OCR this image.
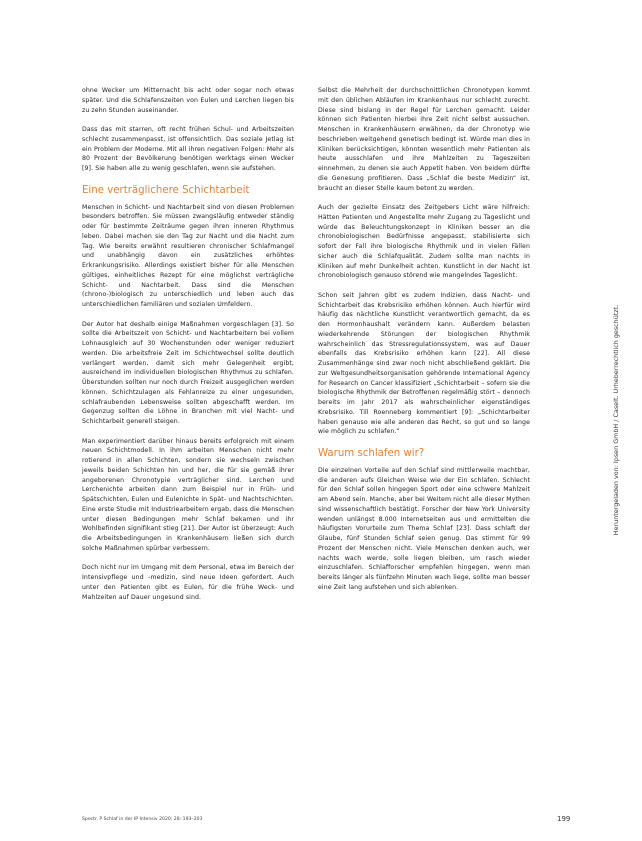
ohne Wecker um Mitternacht bis acht oder sogar noch etwas später. Und die Schlafenszeiten von Eulen und Lerchen liegen bis zu zehn Stunden auseinander.

Dass das mit starren, oft recht frühen Schul- und Arbeitszeiten schlecht zusammenpasst, ist offensichtlich. Das soziale Jetlag ist ein Problem der Moderne. Mit all ihren negativen Folgen: Mehr als 80 Prozent der Bevölkerung benötigen werktags einen Wecker [9]. Sie haben alle zu wenig geschlafen, wenn sie aufstehen.

Eine verträglichere Schichtarbeit

Menschen in Schicht- und Nachtarbeit sind von diesen Problemen besonders betroffen. Sie müssen zwangsläufig entweder ständig oder für bestimmte Zeiträume gegen ihren inneren Rhythmus leben. Dabei machen sie den Tag zur Nacht und die Nacht zum Tag. Wie bereits erwähnt resultieren chronischer Schlafmangel und unabhängig davon ein zusätzliches erhöhtes Erkrankungsrisiko. Allerdings existiert bisher für alle Menschen gültiges, einheitliches Rezept für eine möglichst verträgliche Schicht- und Nachtarbeit. Dass sind die Menschen (chrono-)biologisch zu unterschiedlich und leben auch das unterschiedlichen familiären und sozialen Umfeldern.

Der Autor hat deshalb einige Maßnahmen vorgeschlagen [3]. So sollte die Arbeitszeit von Schicht- und Nachtarbeitern bei vollem Lohnausgleich auf 30 Wochenstunden oder weniger reduziert werden. Die arbeitsfreie Zeit im Schichtwechsel sollte deutlich verlängert werden, damit sich mehr Gelegenheit ergibt, ausreichend im individuellen biologischen Rhythmus zu schlafen. Überstunden sollten nur noch durch Freizeit ausgeglichen werden können. Schichtzulagen als Fehlanreize zu einer ungesunden, schlafraubenden Lebensweise sollten abgeschafft werden. Im Gegenzug sollten die Löhne in Branchen mit viel Nacht- und Schichtarbeit generell steigen.

Man experimentiert darüber hinaus bereits erfolgreich mit einem neuen Schichtmodell. In ihm arbeiten Menschen nicht mehr rotierend in allen Schichten, sondern sie wechseln zwischen jeweils beiden Schichten hin und her, die für sie gemäß ihrer angeborenen Chronotypie verträglicher sind. Lerchen und Lerchenichte arbeiten dann zum Beispiel nur in Früh- und Spätschichten, Eulen und Eulenichte in Spät- und Nachtschichten. Eine erste Studie mit Industriearbeitern ergab, dass die Menschen unter diesen Bedingungen mehr Schlaf bekamen und ihr Wohlbefinden signifikant stieg [21]. Der Autor ist überzeugt: Auch die Arbeitsbedingungen in Krankenhäusern ließen sich durch solche Maßnahmen spürbar verbessern.

Doch nicht nur im Umgang mit dem Personal, etwa im Bereich der Intensivpflege und -medizin, sind neue Ideen gefordert. Auch unter den Patienten gibt es Eulen, für die frühe Weck- und Mahlzeiten auf Dauer ungesund sind.

Selbst die Mehrheit der durchschnittlichen Chronotypen kommt mit den üblichen Abläufen im Krankenhaus nur schlecht zurecht. Diese sind bislang in der Regel für Lerchen gemacht. Leider können sich Patienten hierbei ihre Zeit nicht selbst aussuchen. Menschen in Krankenhäusern erwähnen, da der Chronotyp wie beschrieben weitgehend genetisch bedingt ist. Würde man dies in Kliniken berücksichtigen, könnten wesentlich mehr Patienten als heute ausschlafen und ihre Mahlzeiten zu Tageszeiten einnehmen, zu denen sie auch Appetit haben. Von beidem dürfte die Genesung profitieren. Dass „Schlaf die beste Medizin“ ist, braucht an dieser Stelle kaum betont zu werden.

Auch der gezielte Einsatz des Zeitgebers Licht wäre hilfreich: Hätten Patienten und Angestellte mehr Zugang zu Tageslicht und würde das Beleuchtungskonzept in Kliniken besser an die chronobiologischen Bedürfnisse angepasst, stabilisierte sich sofort der Fall ihre biologische Rhythmik und in vielen Fällen sicher auch die Schlafqualität. Zudem sollte man nachts in Kliniken auf mehr Dunkelheit achten. Kunstlicht in der Nacht ist chronobiologisch genauso störend wie mangelndes Tageslicht.

Schon seit Jahren gibt es zudem Indizien, dass Nacht- und Schichtarbeit das Krebsrisiko erhöhen können. Auch hierfür wird häufig das nächtliche Kunstlicht verantwortlich gemacht, da es den Hormonhaushalt verändern kann. Außerdem belasten wiederkehrende Störungen der biologischen Rhythmik wahrscheinlich das Stressregulationssystem, was auf Dauer ebenfalls das Krebsrisiko erhöhen kann [22]. All diese Zusammenhänge sind zwar noch nicht abschließend geklärt. Die zur Weltgesundheitsorganisation gehörende International Agency for Research on Cancer klassifiziert „Schichtarbeit – sofern sie die biologische Rhythmik der Betroffenen regelmäßig stört – dennoch bereits im Jahr 2017 als wahrscheinlicher eigenständiges Krebsrisiko. Till Roenneberg kommentiert [9]: „Schichtarbeiter haben genauso wie alle anderen das Recht, so gut und so lange wie möglich zu schlafen.“

Warum schlafen wir?

Die einzelnen Vorteile auf den Schlaf sind mittlerweile machtbar, die anderen aufs Gleichen Weise wie der Ein schlafen. Schlecht für den Schlaf sollen hingegen Sport oder eine schwere Mahlzeit am Abend sein. Manche, aber bei Weitem nicht alle dieser Mythen sind wissenschaftlich bestätigt. Forscher der New York University wenden unlängst 8.000 Internetseiten aus und ermittelten die häufigsten Vorurteile zum Thema Schlaf [23]. Dass schlaft der Glaube, fünf Stunden Schlaf seien genug. Das stimmt für 99 Prozent der Menschen nicht. Viele Menschen denken auch, wer nachts wach werde, solle liegen bleiben, um rasch wieder einzuschlafen. Schlafforscher empfehlen hingegen, wenn man bereits länger als fünfzehn Minuten wach liege, sollte man besser eine Zeit lang aufstehen und sich ablenken.

Heruntergeladen von: Ipsen GmbH / CaseIt. Urheberrechtlich geschützt.
Spectr. P Schlaf in der IP Intensiv 2020; 28: 193–203	199
